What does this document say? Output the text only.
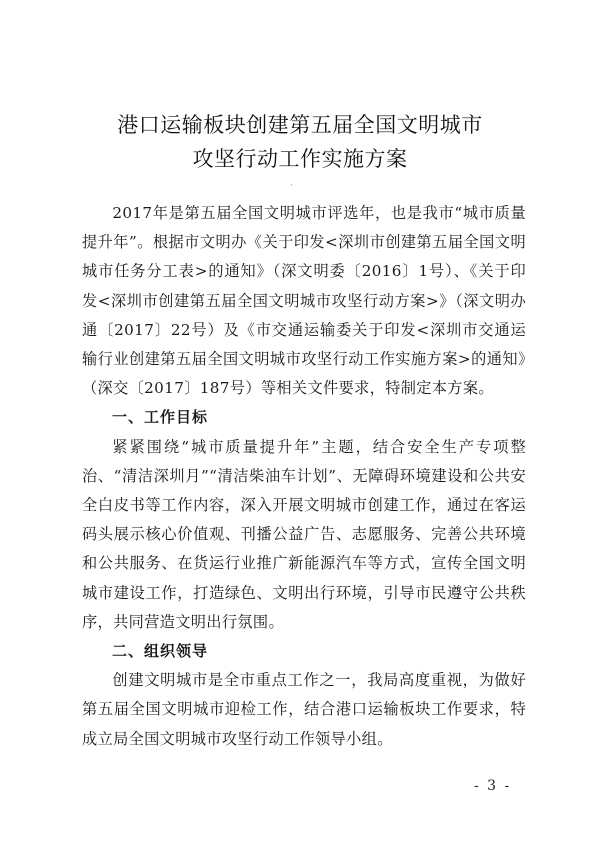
港口运输板块创建第五届全国文明城市
攻坚行动工作实施方案
·

2017年是第五届全国文明城市评选年，也是我市“城市质量提升年”。根据市文明办《关于印发<深圳市创建第五届全国文明城市任务分工表>的通知》（深文明委〔2016〕1号）、《关于印发<深圳市创建第五届全国文明城市攻坚行动方案>》（深文明办通〔2017〕22号）及《市交通运输委关于印发<深圳市交通运输行业创建第五届全国文明城市攻坚行动工作实施方案>的通知》（深交〔2017〕187号）等相关文件要求，特制定本方案。

一、工作目标

紧紧围绕“城市质量提升年”主题，结合安全生产专项整治、“清洁深圳月”“清洁柴油车计划”、无障碍环境建设和公共安全白皮书等工作内容，深入开展文明城市创建工作，通过在客运码头展示核心价值观、刊播公益广告、志愿服务、完善公共环境和公共服务、在货运行业推广新能源汽车等方式，宣传全国文明城市建设工作，打造绿色、文明出行环境，引导市民遵守公共秩序，共同营造文明出行氛围。

二、组织领导

创建文明城市是全市重点工作之一，我局高度重视，为做好第五届全国文明城市迎检工作，结合港口运输板块工作要求，特成立局全国文明城市攻坚行动工作领导小组。

- 3 -
